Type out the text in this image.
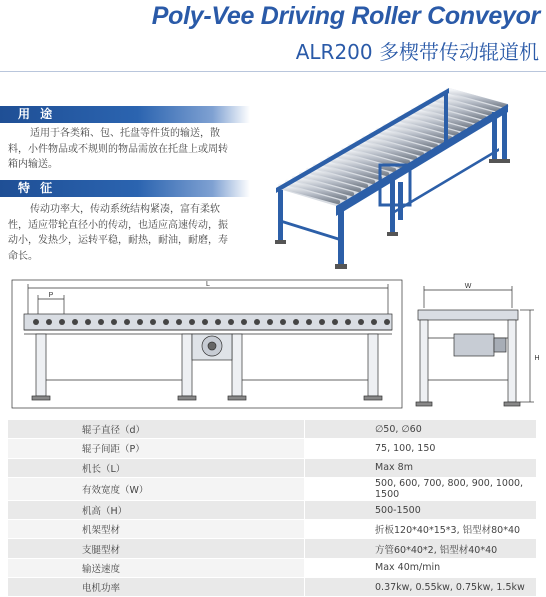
Poly-Vee Driving Roller Conveyor
ALR200 多楔带传动辊道机
用 途

适用于各类箱、包、托盘等件货的输送，散料，小件物品或不规则的物品需放在托盘上或周转箱内输送。

特 征

传动功率大，传动系统结构紧凑，富有柔软性，适应带轮直径小的传动，也适应高速传动，振动小，发热少，运转平稳，耐热，耐油，耐磨，寿命长。

L
P
W
H
辊子直径（d）	∅50, ∅60
辊子间距（P）	75, 100, 150
机长（L）	Max 8m
有效宽度（W）	500, 600, 700, 800, 900, 1000, 1500
机高（H）	500-1500
机架型材	折板120*40*15*3, 铝型材80*40
支腿型材	方管60*40*2, 铝型材40*40
输送速度	Max 40m/min
电机功率	0.37kw, 0.55kw, 0.75kw, 1.5kw
